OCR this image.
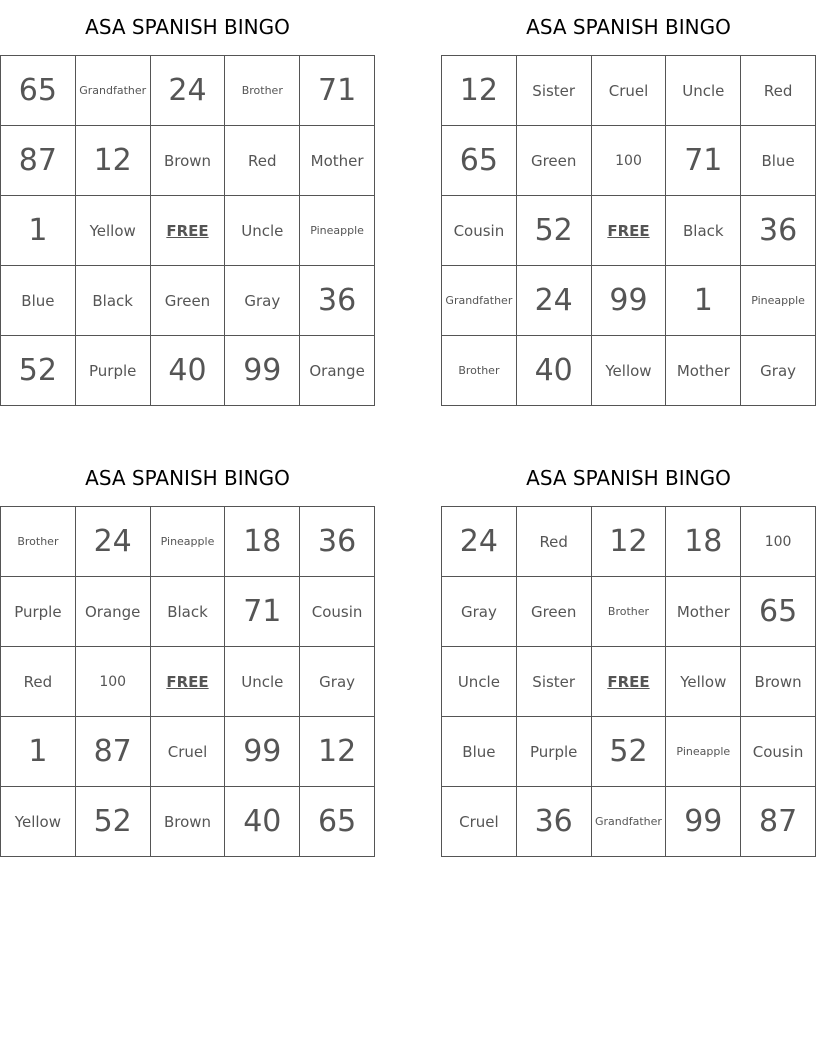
ASA SPANISH BINGO
65	Grandfather 24	Brother	71
87	12	Brown	Red	Mother
1	Yellow	FREE	Uncle	Pineapple
Blue	Black	Green	Gray	36
52	Purple	40	99	Orange
ASA SPANISH BINGO
12	Sister	Cruel	Uncle	Red
65	Green	100	71	Blue
Cousin	52	FREE	Black	36
Grandfather 24	99	1	Pineapple
Brother	40	Yellow	Mother	Gray
ASA SPANISH BINGO
Brother	24	Pineapple 18	36
Purple	Orange	Black	71	Cousin
Red	100	FREE	Uncle	Gray
1	87	Cruel	99	12
Yellow	52	Brown	40	65
ASA SPANISH BINGO
24	Red	12	18	100
Gray	Green	Brother	Mother 65
Uncle	Sister	FREE	Yellow	Brown
Blue	Purple	52	Pineapple	Cousin
Cruel	36	Grandfather 99	87
